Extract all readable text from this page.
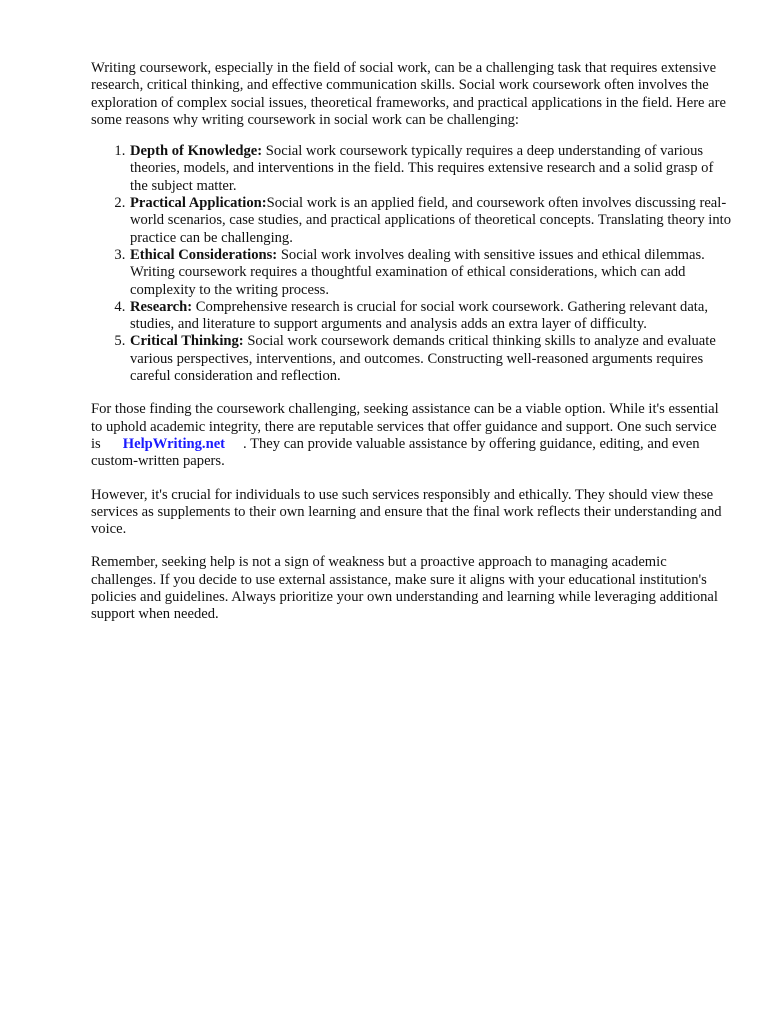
Writing coursework, especially in the field of social work, can be a challenging task that requires extensive research, critical thinking, and effective communication skills. Social work coursework often involves the exploration of complex social issues, theoretical frameworks, and practical applications in the field. Here are some reasons why writing coursework in social work can be challenging:

1. Depth of Knowledge: Social work coursework typically requires a deep understanding of various theories, models, and interventions in the field. This requires extensive research and a solid grasp of the subject matter.
2. Practical Application:Social work is an applied field, and coursework often involves discussing real-world scenarios, case studies, and practical applications of theoretical concepts. Translating theory into practice can be challenging.
3. Ethical Considerations: Social work involves dealing with sensitive issues and ethical dilemmas. Writing coursework requires a thoughtful examination of ethical considerations, which can add complexity to the writing process.
4. Research: Comprehensive research is crucial for social work coursework. Gathering relevant data, studies, and literature to support arguments and analysis adds an extra layer of difficulty.
5. Critical Thinking: Social work coursework demands critical thinking skills to analyze and evaluate various perspectives, interventions, and outcomes. Constructing well-reasoned arguments requires careful consideration and reflection.

For those finding the coursework challenging, seeking assistance can be a viable option. While it's essential to uphold academic integrity, there are reputable services that offer guidance and support. One such service is HelpWriting.net . They can provide valuable assistance by offering guidance, editing, and even custom-written papers.

However, it's crucial for individuals to use such services responsibly and ethically. They should view these services as supplements to their own learning and ensure that the final work reflects their understanding and voice.

Remember, seeking help is not a sign of weakness but a proactive approach to managing academic challenges. If you decide to use external assistance, make sure it aligns with your educational institution's policies and guidelines. Always prioritize your own understanding and learning while leveraging additional support when needed.
